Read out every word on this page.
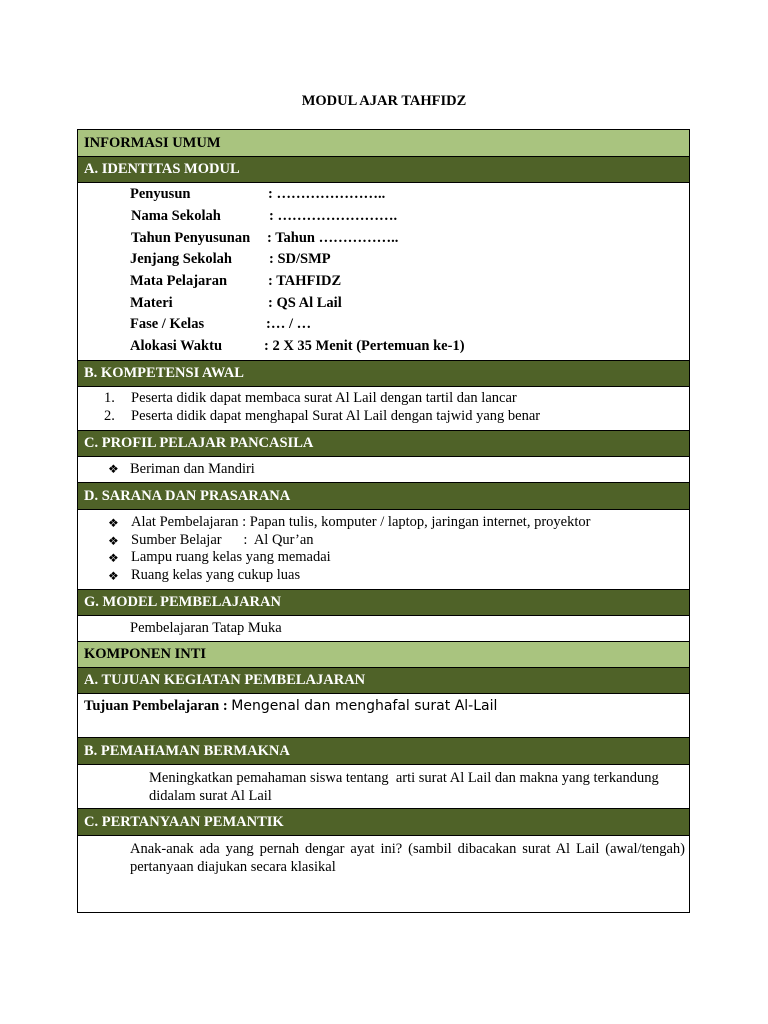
MODUL AJAR TAHFIDZ
INFORMASI UMUM
A. IDENTITAS MODUL
Penyusun	: …………………..
Nama Sekolah	: …………………….
Tahun Penyusunan : Tahun ……………..
Jenjang Sekolah	: SD/SMP
Mata Pelajaran	: TAHFIDZ
Materi	: QS Al Lail
Fase / Kelas	:… / …
Alokasi Waktu	: 2 X 35 Menit (Pertemuan ke-1)
B. KOMPETENSI AWAL
1. Peserta didik dapat membaca surat Al Lail dengan tartil dan lancar
2. Peserta didik dapat menghapal Surat Al Lail dengan tajwid yang benar
C. PROFIL PELAJAR PANCASILA
❖ Beriman dan Mandiri
D. SARANA DAN PRASARANA
❖ Alat Pembelajaran : Papan tulis, komputer / laptop, jaringan internet, proyektor
❖ Sumber Belajar      :  Al Qur’an
❖ Lampu ruang kelas yang memadai
❖ Ruang kelas yang cukup luas
G. MODEL PEMBELAJARAN
Pembelajaran Tatap Muka
KOMPONEN INTI
A. TUJUAN KEGIATAN PEMBELAJARAN
Tujuan Pembelajaran : Mengenal dan menghafal surat Al-Lail
B. PEMAHAMAN BERMAKNA
Meningkatkan pemahaman siswa tentang  arti surat Al Lail dan makna yang terkandung didalam surat Al Lail
C. PERTANYAAN PEMANTIK
Anak-anak ada yang pernah dengar ayat ini? (sambil dibacakan surat Al Lail (awal/tengah) pertanyaan diajukan secara klasikal
